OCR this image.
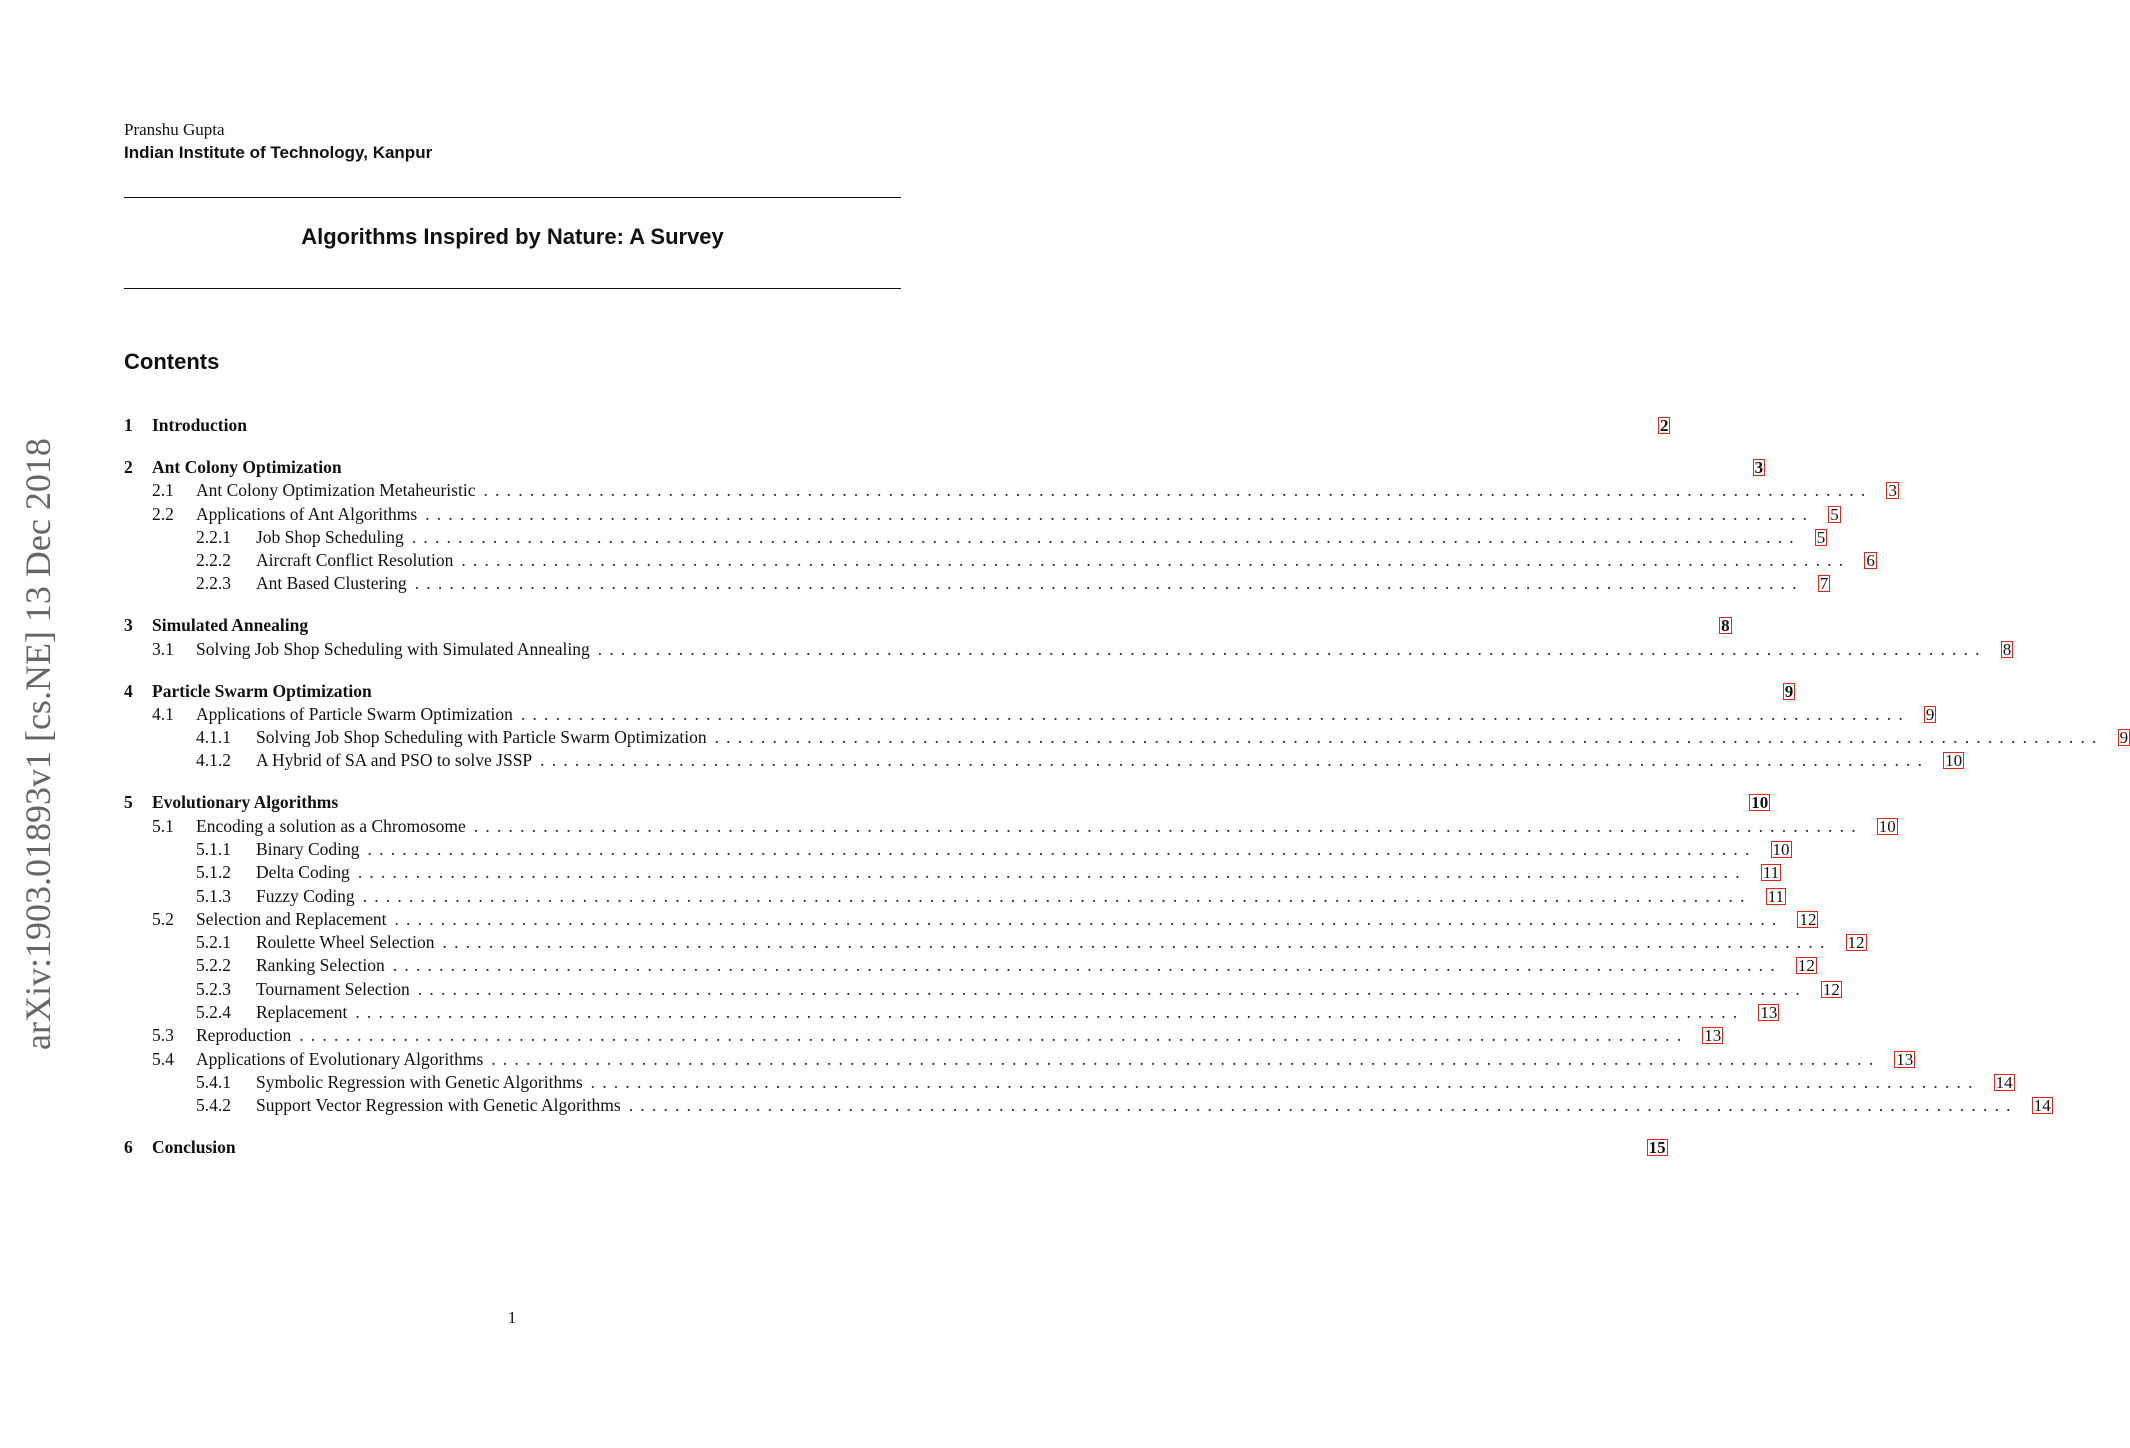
arXiv:1903.01893v1 [cs.NE] 13 Dec 2018
Pranshu Gupta
Indian Institute of Technology, Kanpur
Algorithms Inspired by Nature: A Survey
Contents
1	Introduction	2
2	Ant Colony Optimization	3
2.1	Ant Colony Optimization Metaheuristic ........................................................................................................................ 3
2.2	Applications of Ant Algorithms ........................................................................................................................ 5
2.2.1	Job Shop Scheduling ........................................................................................................................ 5
2.2.2	Aircraft Conflict Resolution ........................................................................................................................ 6
2.2.3	Ant Based Clustering ........................................................................................................................ 7
3	Simulated Annealing	8
3.1	Solving Job Shop Scheduling with Simulated Annealing ........................................................................................................................ 8
4	Particle Swarm Optimization	9
4.1	Applications of Particle Swarm Optimization ........................................................................................................................ 9
4.1.1	Solving Job Shop Scheduling with Particle Swarm Optimization ........................................................................................................................ 9
4.1.2	A Hybrid of SA and PSO to solve JSSP ........................................................................................................................ 10
5	Evolutionary Algorithms	10
5.1	Encoding a solution as a Chromosome ........................................................................................................................ 10
5.1.1	Binary Coding ........................................................................................................................ 10
5.1.2	Delta Coding ........................................................................................................................ 11
5.1.3	Fuzzy Coding ........................................................................................................................ 11
5.2	Selection and Replacement ........................................................................................................................ 12
5.2.1	Roulette Wheel Selection ........................................................................................................................ 12
5.2.2	Ranking Selection ........................................................................................................................ 12
5.2.3	Tournament Selection ........................................................................................................................ 12
5.2.4	Replacement ........................................................................................................................ 13
5.3	Reproduction ........................................................................................................................ 13
5.4	Applications of Evolutionary Algorithms ........................................................................................................................ 13
5.4.1	Symbolic Regression with Genetic Algorithms ........................................................................................................................ 14
5.4.2	Support Vector Regression with Genetic Algorithms ........................................................................................................................ 14
6	Conclusion	15
1
